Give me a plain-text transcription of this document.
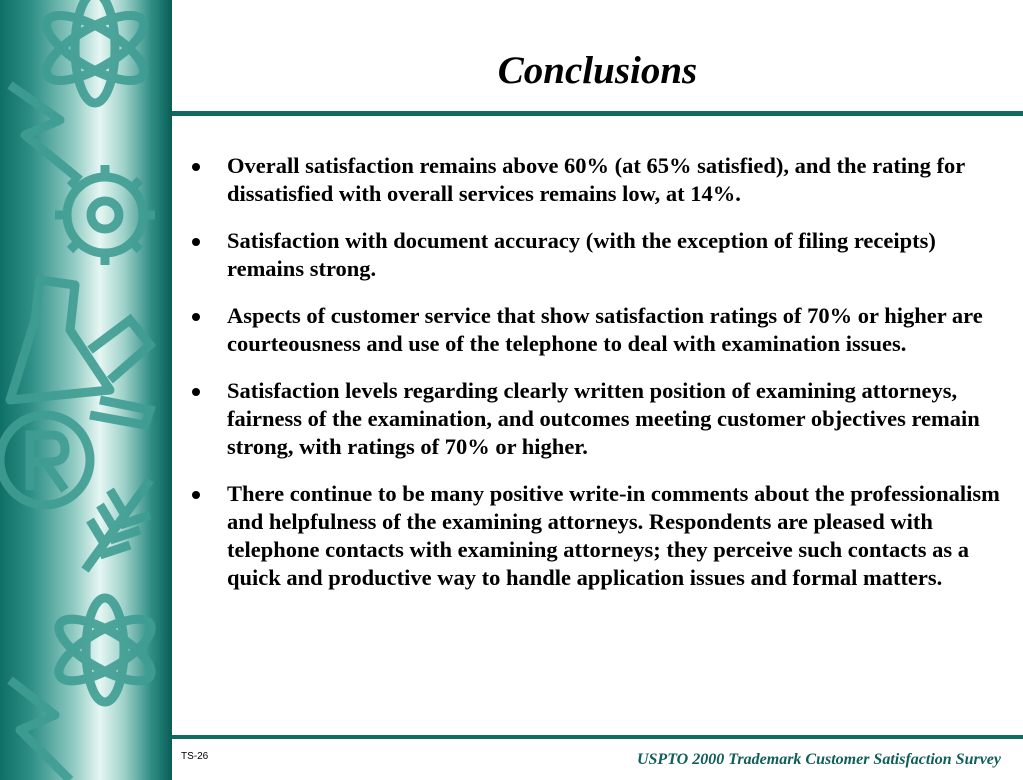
Conclusions
Overall satisfaction remains above 60% (at 65% satisfied), and the rating for dissatisfied with overall services remains low, at 14%.
Satisfaction with document accuracy (with the exception of filing receipts) remains strong.
Aspects of customer service that show satisfaction ratings of 70% or higher are courteousness and use of the telephone to deal with examination issues.
Satisfaction levels regarding clearly written position of examining attorneys, fairness of the examination, and outcomes meeting customer objectives remain strong, with ratings of 70% or higher.
There continue to be many positive write-in comments about the professionalism and helpfulness of the examining attorneys. Respondents are pleased with telephone contacts with examining attorneys; they perceive such contacts as a quick and productive way to handle application issues and formal matters.
TS-26	USPTO 2000 Trademark Customer Satisfaction Survey
